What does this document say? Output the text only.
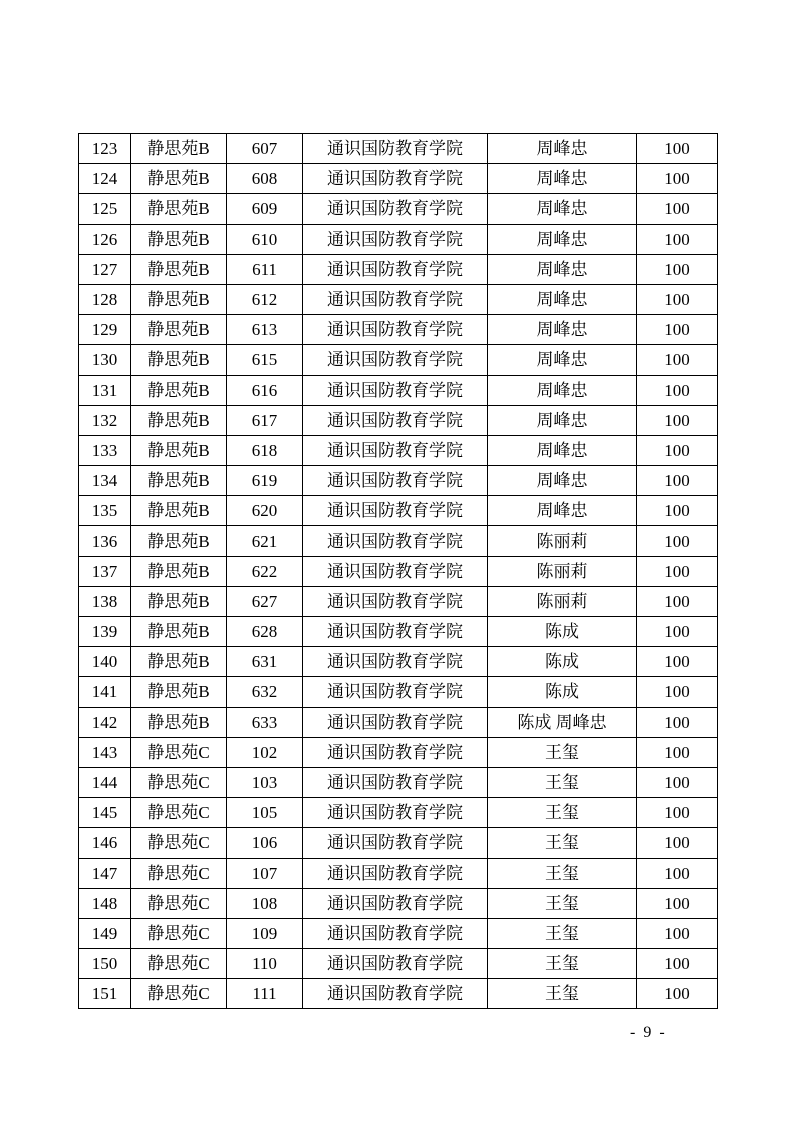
123	静思苑B	607	通识国防教育学院	周峰忠	100
124	静思苑B	608	通识国防教育学院	周峰忠	100
125	静思苑B	609	通识国防教育学院	周峰忠	100
126	静思苑B	610	通识国防教育学院	周峰忠	100
127	静思苑B	611	通识国防教育学院	周峰忠	100
128	静思苑B	612	通识国防教育学院	周峰忠	100
129	静思苑B	613	通识国防教育学院	周峰忠	100
130	静思苑B	615	通识国防教育学院	周峰忠	100
131	静思苑B	616	通识国防教育学院	周峰忠	100
132	静思苑B	617	通识国防教育学院	周峰忠	100
133	静思苑B	618	通识国防教育学院	周峰忠	100
134	静思苑B	619	通识国防教育学院	周峰忠	100
135	静思苑B	620	通识国防教育学院	周峰忠	100
136	静思苑B	621	通识国防教育学院	陈丽莉	100
137	静思苑B	622	通识国防教育学院	陈丽莉	100
138	静思苑B	627	通识国防教育学院	陈丽莉	100
139	静思苑B	628	通识国防教育学院	陈成	100
140	静思苑B	631	通识国防教育学院	陈成	100
141	静思苑B	632	通识国防教育学院	陈成	100
142	静思苑B	633	通识国防教育学院	陈成 周峰忠	100
143	静思苑C	102	通识国防教育学院	王玺	100
144	静思苑C	103	通识国防教育学院	王玺	100
145	静思苑C	105	通识国防教育学院	王玺	100
146	静思苑C	106	通识国防教育学院	王玺	100
147	静思苑C	107	通识国防教育学院	王玺	100
148	静思苑C	108	通识国防教育学院	王玺	100
149	静思苑C	109	通识国防教育学院	王玺	100
150	静思苑C	110	通识国防教育学院	王玺	100
151	静思苑C	111	通识国防教育学院	王玺	100
- 9 -
